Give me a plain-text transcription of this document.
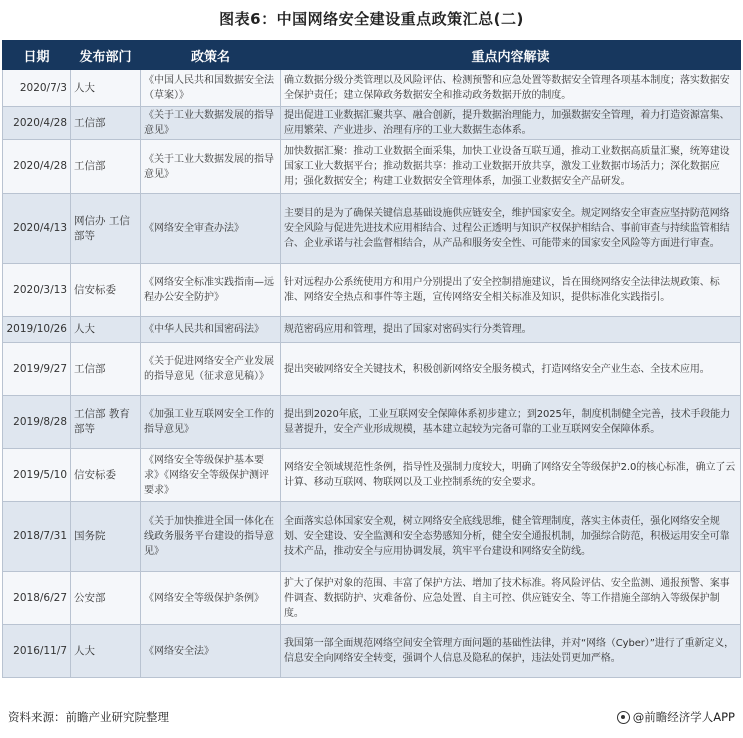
图表6：中国网络安全建设重点政策汇总(二)
日期	发布部门	政策名	重点内容解读
2020/7/3	人大	《中国人民共和国数据安全法（草案）》	确立数据分级分类管理以及风险评估、检测预警和应急处置等数据安全管理各项基本制度；落实数据安全保护责任；建立保障政务数据安全和推动政务数据开放的制度。
2020/4/28	工信部	《关于工业大数据发展的指导意见》	提出促进工业数据汇聚共享、融合创新，提升数据治理能力，加强数据安全管理，着力打造资源富集、应用繁荣、产业进步、治理有序的工业大数据生态体系。
2020/4/28	工信部	《关于工业大数据发展的指导意见》	加快数据汇聚：推动工业数据全面采集，加快工业设备互联互通，推动工业数据高质量汇聚，统筹建设国家工业大数据平台；推动数据共享：推动工业数据开放共享，激发工业数据市场活力；深化数据应用；强化数据安全；构建工业数据安全管理体系，加强工业数据安全产品研发。
2020/4/13	网信办 工信部等	《网络安全审查办法》	主要目的是为了确保关键信息基础设施供应链安全，维护国家安全。规定网络安全审查应坚持防范网络安全风险与促进先进技术应用相结合、过程公正透明与知识产权保护相结合、事前审查与持续监管相结合、企业承诺与社会监督相结合，从产品和服务安全性、可能带来的国家安全风险等方面进行审查。
2020/3/13	信安标委	《网络安全标准实践指南—远程办公安全防护》	针对远程办公系统使用方和用户分别提出了安全控制措施建议，旨在围绕网络安全法律法规政策、标准、网络安全热点和事件等主题，宣传网络安全相关标准及知识，提供标准化实践指引。
2019/10/26	人大	《中华人民共和国密码法》	规范密码应用和管理，提出了国家对密码实行分类管理。
2019/9/27	工信部	《关于促进网络安全产业发展的指导意见（征求意见稿）》	提出突破网络安全关键技术，积极创新网络安全服务模式，打造网络安全产业生态、全技术应用。
2019/8/28	工信部 教育部等	《加强工业互联网安全工作的指导意见》	提出到2020年底，工业互联网安全保障体系初步建立；到2025年，制度机制健全完善，技术手段能力显著提升，安全产业形成规模，基本建立起较为完备可靠的工业互联网安全保障体系。
2019/5/10	信安标委	《网络安全等级保护基本要求》《网络安全等级保护测评要求》	网络安全领域规范性条例，指导性及强制力度较大，明确了网络安全等级保护2.0的核心标准，确立了云计算、移动互联网、物联网以及工业控制系统的安全要求。
2018/7/31	国务院	《关于加快推进全国一体化在线政务服务平台建设的指导意见》	全面落实总体国家安全观，树立网络安全底线思维，健全管理制度，落实主体责任，强化网络安全规划、安全建设、安全监测和安全态势感知分析，健全安全通报机制，加强综合防范，积极运用安全可靠技术产品，推动安全与应用协调发展，筑牢平台建设和网络安全防线。
2018/6/27	公安部	《网络安全等级保护条例》	扩大了保护对象的范围、丰富了保护方法、增加了技术标准。将风险评估、安全监测、通报预警、案事件调查、数据防护、灾难备份、应急处置、自主可控、供应链安全、等工作措施全部纳入等级保护制度。
2016/11/7	人大	《网络安全法》	我国第一部全面规范网络空间安全管理方面问题的基础性法律，并对“网络（Cyber）”进行了重新定义，信息安全向网络安全转变，强调个人信息及隐私的保护，违法处罚更加严格。
资料来源：前瞻产业研究院整理	@前瞻经济学人APP
